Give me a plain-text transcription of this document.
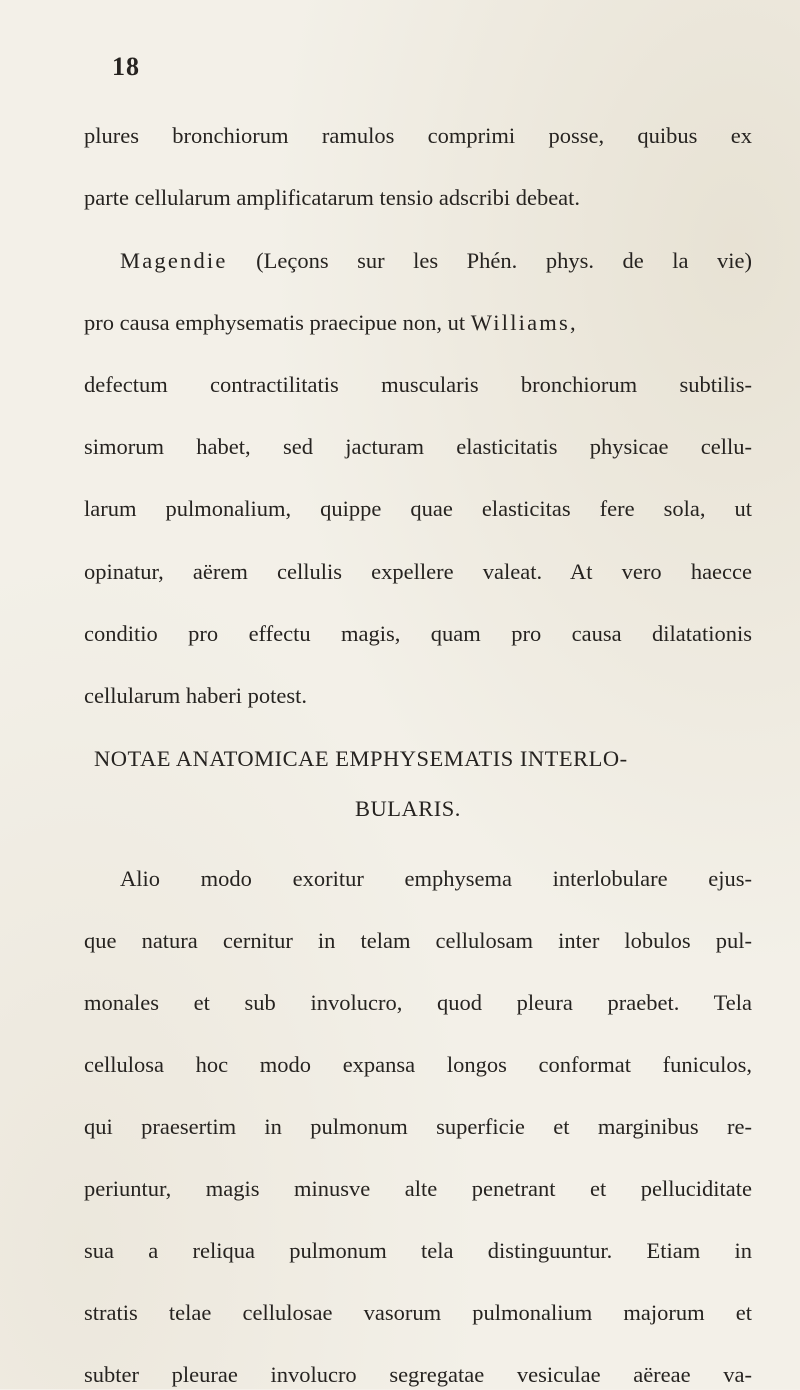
18
plures bronchiorum ramulos comprimi posse, quibus ex
parte cellularum amplificatarum tensio adscribi debeat.
Magendie (Leçons sur les Phén. phys. de la vie)
pro causa emphysematis praecipue non, ut Williams,
defectum contractilitatis muscularis bronchiorum subtilis-
simorum habet, sed jacturam elasticitatis physicae cellu-
larum pulmonalium, quippe quae elasticitas fere sola, ut
opinatur, aërem cellulis expellere valeat. At vero haecce
conditio pro effectu magis, quam pro causa dilatationis
cellularum haberi potest.
NOTAE ANATOMICAE EMPHYSEMATIS INTERLO-
BULARIS.
Alio modo exoritur emphysema interlobulare ejus-
que natura cernitur in telam cellulosam inter lobulos pul-
monales et sub involucro, quod pleura praebet. Tela
cellulosa hoc modo expansa longos conformat funiculos,
qui praesertim in pulmonum superficie et marginibus re-
periuntur, magis minusve alte penetrant et pelluciditate
sua a reliqua pulmonum tela distinguuntur. Etiam in
stratis telae cellulosae vasorum pulmonalium majorum et
subter pleurae involucro segregatae vesiculae aëreae va-
